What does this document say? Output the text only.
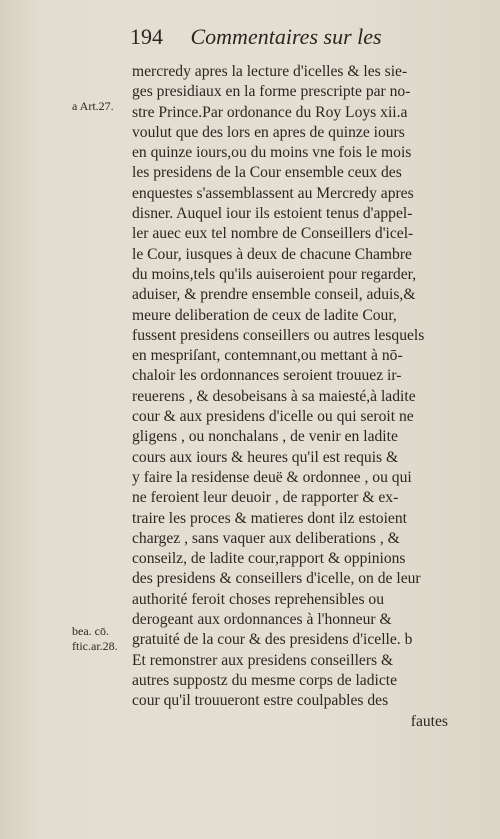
194 Commentaires sur les
a Art.27.
bea. cō.
ftic.ar.28.
mercredy apres la lecture d'icelles & les sie-
ges presidiaux en la forme prescripte par no-
stre Prince.Par ordonance du Roy Loys xii.a
voulut que des lors en apres de quinze iours
en quinze iours,ou du moins vne fois le mois
les presidens de la Cour ensemble ceux des
enquestes s'assemblassent au Mercredy apres
disner. Auquel iour ils estoient tenus d'appel-
ler auec eux tel nombre de Conseillers d'icel-
le Cour, iusques à deux de chacune Chambre
du moins,tels qu'ils auiseroient pour regarder,
aduiser, & prendre ensemble conseil, aduis,&
meure deliberation de ceux de ladite Cour,
fussent presidens conseillers ou autres lesquels
en mespriſant, contemnant,ou mettant à nō-
chaloir les ordonnances seroient trouuez ir-
reuerens , & desobeisans à sa maiesté,à ladite
cour & aux presidens d'icelle ou qui seroit ne
gligens , ou nonchalans , de venir en ladite
cours aux iours & heures qu'il est requis &
y faire la residense deuë & ordonnee , ou qui
ne feroient leur deuoir , de rapporter & ex-
traire les proces & matieres dont ilz estoient
chargez , sans vaquer aux deliberations , &
conseilz, de ladite cour,rapport & oppinions
des presidens & conseillers d'icelle, on de leur
authorité feroit choses reprehensibles ou
derogeant aux ordonnances à l'honneur &
gratuité de la cour & des presidens d'icelle. b
Et remonstrer aux presidens conseillers &
autres suppostz du mesme corps de ladicte
cour qu'il trouueront estre coulpables des
fautes
